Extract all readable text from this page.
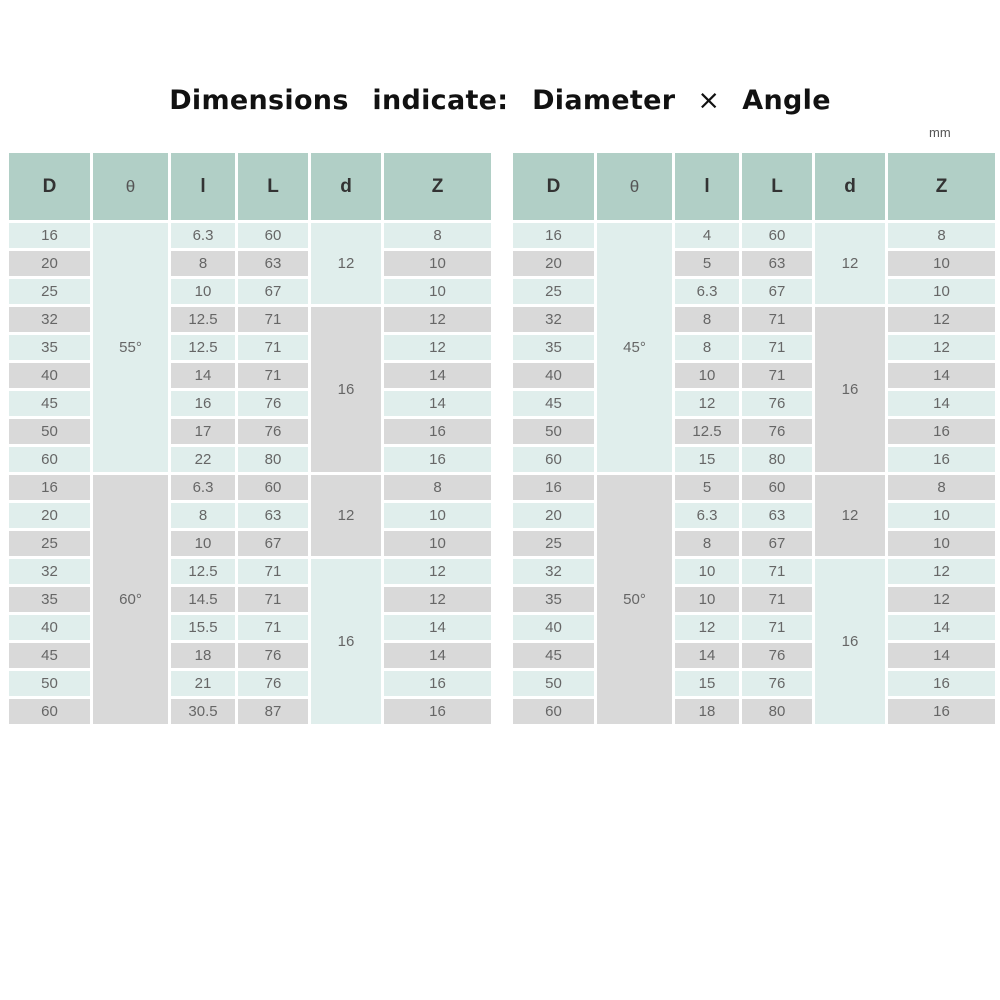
Dimensions indicate: Diameter × Angle
mm
D	θ	l	L	d	Z
16	55°	6.3	60	12	8
20		8	63		10
25		10	67		10
32		12.5	71	16	12
35		12.5	71		12
40		14	71		14
45		16	76		14
50		17	76		16
60		22	80		16
16	60°	6.3	60	12	8
20		8	63		10
25		10	67		10
32		12.5	71	16	12
35		14.5	71		12
40		15.5	71		14
45		18	76		14
50		21	76		16
60		30.5	87		16
D	θ	l	L	d	Z
16	45°	4	60	12	8
20		5	63		10
25		6.3	67		10
32		8	71	16	12
35		8	71		12
40		10	71		14
45		12	76		14
50		12.5	76		16
60		15	80		16
16	50°	5	60	12	8
20		6.3	63		10
25		8	67		10
32		10	71	16	12
35		10	71		12
40		12	71		14
45		14	76		14
50		15	76		16
60		18	80		16
